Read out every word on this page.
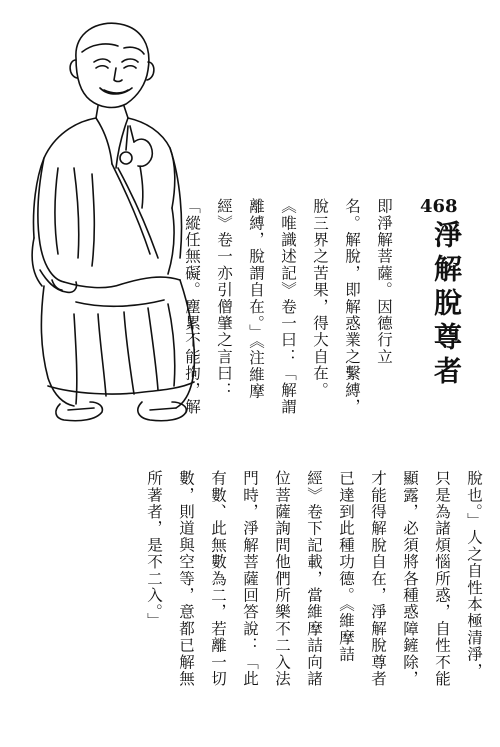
468
淨解脫尊者
即淨解菩薩。因德行立
名。解脫，即解惑業之繫縛，
脫三界之苦果，得大自在。
《唯識述記》卷一曰：「解謂
離縛，脫謂自在。」《注維摩
經》卷一亦引僧肇之言曰：
「縱任無礙。塵累不能拘，解
脫也。」人之自性本極清淨，
只是為諸煩惱所惑，自性不能
顯露，必須將各種惑障鏟除，
才能得解脫自在，淨解脫尊者
已達到此種功德。《維摩詰
經》卷下記載，當維摩詰向諸
位菩薩詢問他們所樂不二入法
門時，淨解菩薩回答說：「此
有數、此無數為二，若離一切
數，則道與空等，意都已解無
所著者，是不二入。」
